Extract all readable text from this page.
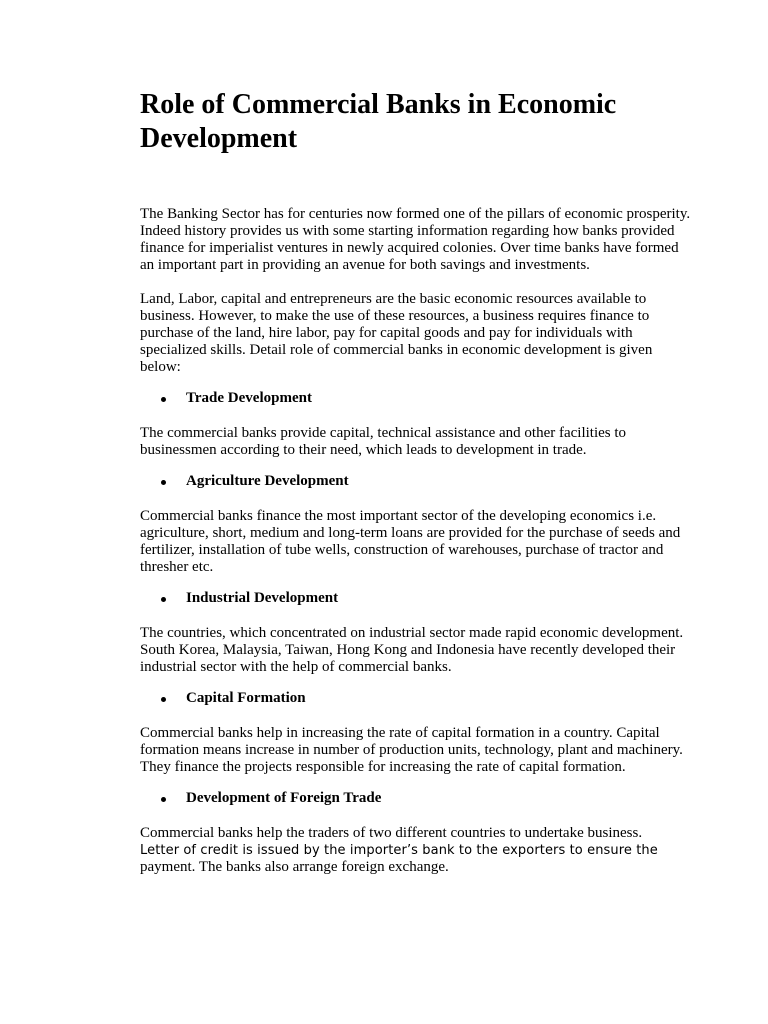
Role of Commercial Banks in Economic Development

The Banking Sector has for centuries now formed one of the pillars of economic prosperity. Indeed history provides us with some starting information regarding how banks provided finance for imperialist ventures in newly acquired colonies. Over time banks have formed an important part in providing an avenue for both savings and investments.

Land, Labor, capital and entrepreneurs are the basic economic resources available to business. However, to make the use of these resources, a business requires finance to purchase of the land, hire labor, pay for capital goods and pay for individuals with specialized skills. Detail role of commercial banks in economic development is given below:

Trade Development

The commercial banks provide capital, technical assistance and other facilities to businessmen according to their need, which leads to development in trade.

Agriculture Development

Commercial banks finance the most important sector of the developing economics i.e. agriculture, short, medium and long-term loans are provided for the purchase of seeds and fertilizer, installation of tube wells, construction of warehouses, purchase of tractor and thresher etc.

Industrial Development

The countries, which concentrated on industrial sector made rapid economic development. South Korea, Malaysia, Taiwan, Hong Kong and Indonesia have recently developed their industrial sector with the help of commercial banks.

Capital Formation

Commercial banks help in increasing the rate of capital formation in a country. Capital formation means increase in number of production units, technology, plant and machinery. They finance the projects responsible for increasing the rate of capital formation.

Development of Foreign Trade

Commercial banks help the traders of two different countries to undertake business.

Letter of credit is issued by the importer’s bank to the exporters to ensure the

payment. The banks also arrange foreign exchange.
